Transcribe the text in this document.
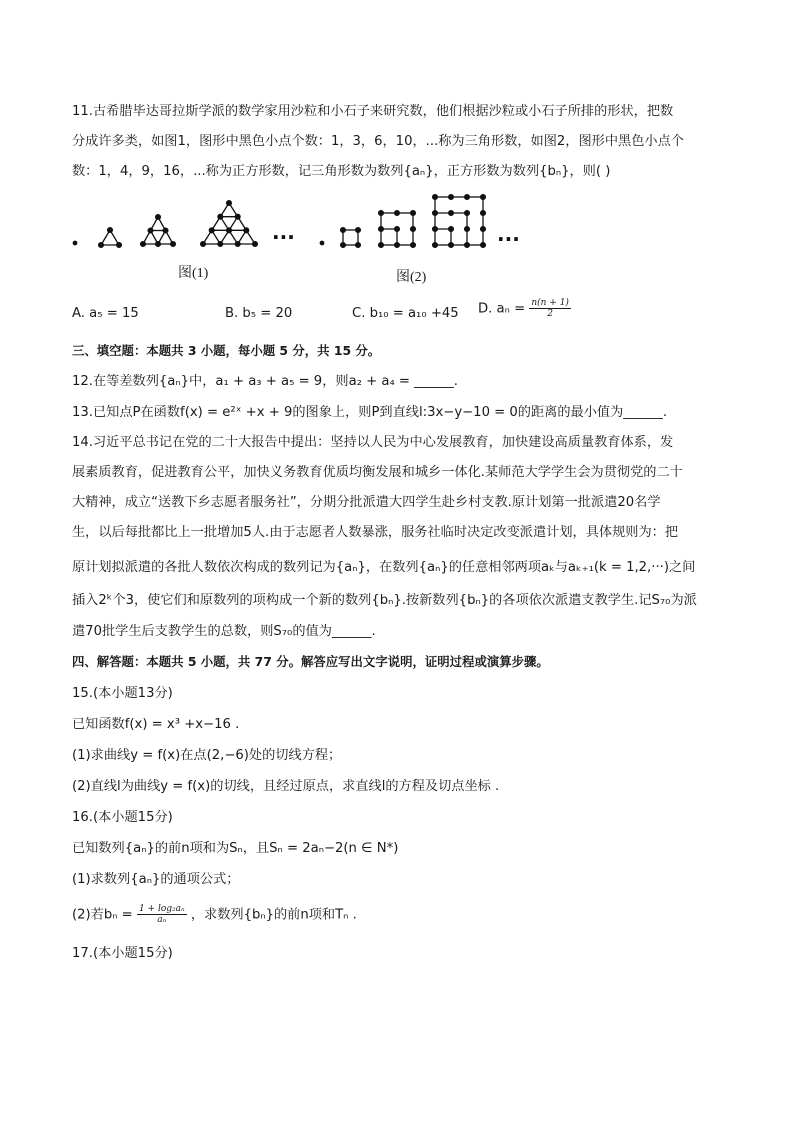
11.古希腊毕达哥拉斯学派的数学家用沙粒和小石子来研究数，他们根据沙粒或小石子所排的形状，把数
分成许多类，如图1，图形中黑色小点个数：1，3，6，10，...称为三角形数，如图2，图形中黑色小点个
数：1，4，9，16，...称为正方形数，记三角形数为数列{aₙ}，正方形数为数列{bₙ}，则( )
···	···
图(1)	图(2)
A. a₅ = 15	B. b₅ = 20	C. b₁₀ = a₁₀ +45 D. $a_n = \frac{n(n + 1)}{2}$
三、填空题：本题共 3 小题，每小题 5 分，共 15 分。
12.在等差数列{aₙ}中，a₁ + a₃ + a₅ = 9，则a₂ + a₄ = ______.
13.已知点P在函数f(x) = e²ˣ +x + 9的图象上，则P到直线l:3x−y−10 = 0的距离的最小值为______.
14.习近平总书记在党的二十大报告中提出：坚持以人民为中心发展教育，加快建设高质量教育体系，发
展素质教育，促进教育公平，加快义务教育优质均衡发展和城乡一体化.某师范大学学生会为贯彻党的二十
大精神，成立“送教下乡志愿者服务社”，分期分批派遣大四学生赴乡村支教.原计划第一批派遣20名学
生，以后每批都比上一批增加5人.由于志愿者人数暴涨，服务社临时决定改变派遣计划，具体规则为：把
原计划拟派遣的各批人数依次构成的数列记为{aₙ}，在数列{aₙ}的任意相邻两项aₖ与aₖ₊₁(k = 1,2,···)之间
插入2ᵏ个3，使它们和原数列的项构成一个新的数列{bₙ}.按新数列{bₙ}的各项依次派遣支教学生.记S₇₀为派
遣70批学生后支教学生的总数，则S₇₀的值为______.
四、解答题：本题共 5 小题，共 77 分。解答应写出文字说明，证明过程或演算步骤。
15.(本小题13分)
已知函数f(x) = x³ +x−16 .
(1)求曲线y = f(x)在点(2,−6)处的切线方程；
(2)直线l为曲线y = f(x)的切线，且经过原点，求直线l的方程及切点坐标 .
16.(本小题15分)
已知数列{aₙ}的前n项和为Sₙ，且Sₙ = 2aₙ−2(n ∈ N*)
(1)求数列{aₙ}的通项公式；
(2)若$b_n = \frac{\text{1 + log₂aₙ}}{\text{aₙ}}$ ，求数列{bₙ}的前n项和Tₙ .
17.(本小题15分)
